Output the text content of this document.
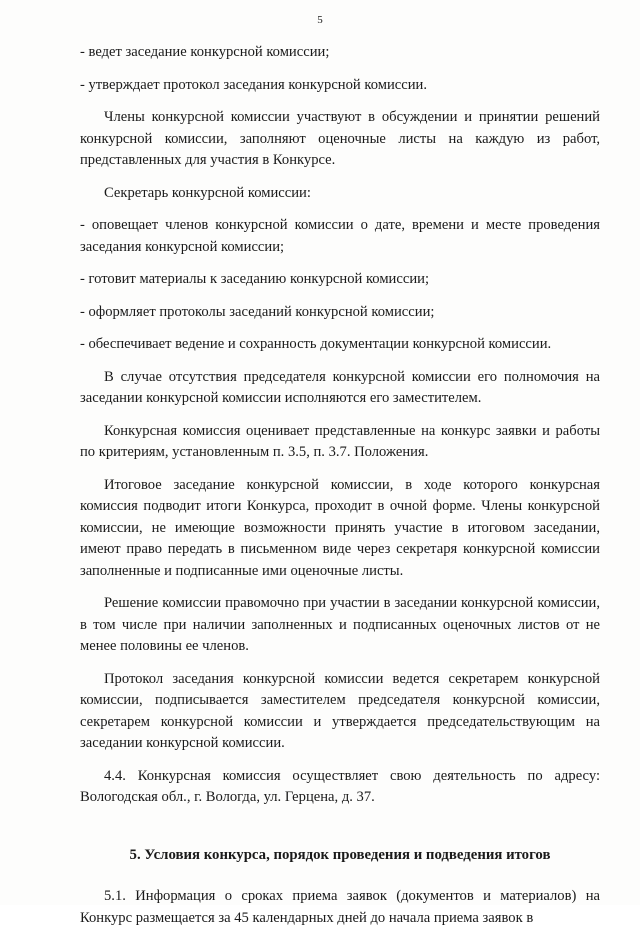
5

- ведет заседание конкурсной комиссии;

- утверждает протокол заседания конкурсной комиссии.

Члены конкурсной комиссии участвуют в обсуждении и принятии решений конкурсной комиссии, заполняют оценочные листы на каждую из работ, представленных для участия в Конкурсе.

Секретарь конкурсной комиссии:

- оповещает членов конкурсной комиссии о дате, времени и месте проведения заседания конкурсной комиссии;

- готовит материалы к заседанию конкурсной комиссии;

- оформляет протоколы заседаний конкурсной комиссии;

- обеспечивает ведение и сохранность документации конкурсной комиссии.

В случае отсутствия председателя конкурсной комиссии его полномочия на заседании конкурсной комиссии исполняются его заместителем.

Конкурсная комиссия оценивает представленные на конкурс заявки и работы по критериям, установленным п. 3.5, п. 3.7. Положения.

Итоговое заседание конкурсной комиссии, в ходе которого конкурсная комиссия подводит итоги Конкурса, проходит в очной форме. Члены конкурсной комиссии, не имеющие возможности принять участие в итоговом заседании, имеют право передать в письменном виде через секретаря конкурсной комиссии заполненные и подписанные ими оценочные листы.

Решение комиссии правомочно при участии в заседании конкурсной комиссии, в том числе при наличии заполненных и подписанных оценочных листов от не менее половины ее членов.

Протокол заседания конкурсной комиссии ведется секретарем конкурсной комиссии, подписывается заместителем председателя конкурсной комиссии, секретарем конкурсной комиссии и утверждается председательствующим на заседании конкурсной комиссии.

4.4. Конкурсная комиссия осуществляет свою деятельность по адресу: Вологодская обл., г. Вологда, ул. Герцена, д. 37.

5. Условия конкурса, порядок проведения и подведения итогов

5.1. Информация о сроках приема заявок (документов и материалов) на Конкурс размещается за 45 календарных дней до начала приема заявок в
